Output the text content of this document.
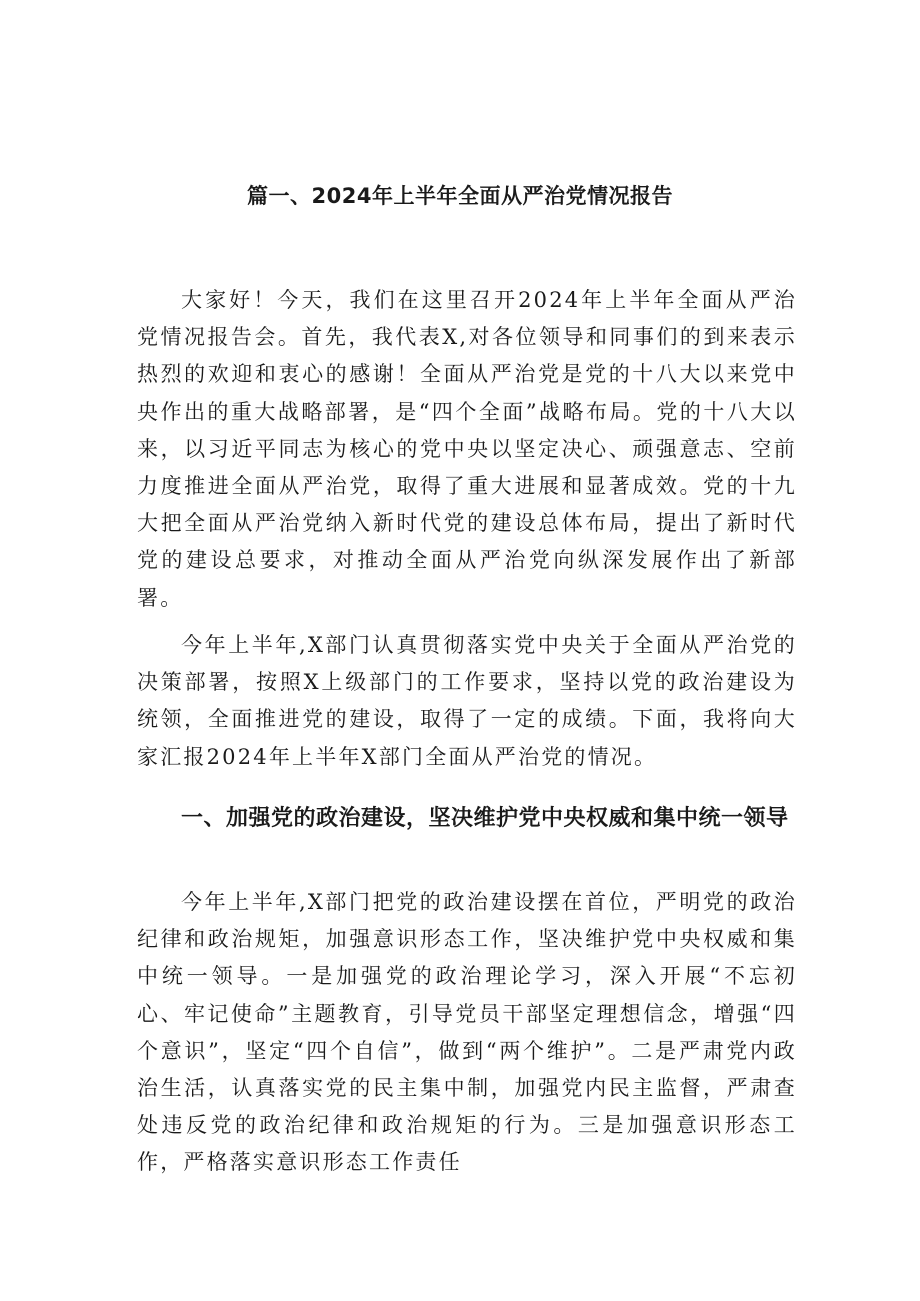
篇一、2024年上半年全面从严治党情况报告

大家好！今天，我们在这里召开2024年上半年全面从严治党情况报告会。首先，我代表X,对各位领导和同事们的到来表示热烈的欢迎和衷心的感谢！全面从严治党是党的十八大以来党中央作出的重大战略部署，是“四个全面”战略布局。党的十八大以来，以习近平同志为核心的党中央以坚定决心、顽强意志、空前力度推进全面从严治党，取得了重大进展和显著成效。党的十九大把全面从严治党纳入新时代党的建设总体布局，提出了新时代党的建设总要求，对推动全面从严治党向纵深发展作出了新部署。

今年上半年,X部门认真贯彻落实党中央关于全面从严治党的决策部署，按照X上级部门的工作要求，坚持以党的政治建设为统领，全面推进党的建设，取得了一定的成绩。下面，我将向大家汇报2024年上半年X部门全面从严治党的情况。

一、加强党的政治建设，坚决维护党中央权威和集中统一领导

今年上半年,X部门把党的政治建设摆在首位，严明党的政治纪律和政治规矩，加强意识形态工作，坚决维护党中央权威和集中统一领导。一是加强党的政治理论学习，深入开展“不忘初心、牢记使命”主题教育，引导党员干部坚定理想信念，增强“四个意识”，坚定“四个自信”，做到“两个维护”。二是严肃党内政治生活，认真落实党的民主集中制，加强党内民主监督，严肃查处违反党的政治纪律和政治规矩的行为。三是加强意识形态工作，严格落实意识形态工作责任
